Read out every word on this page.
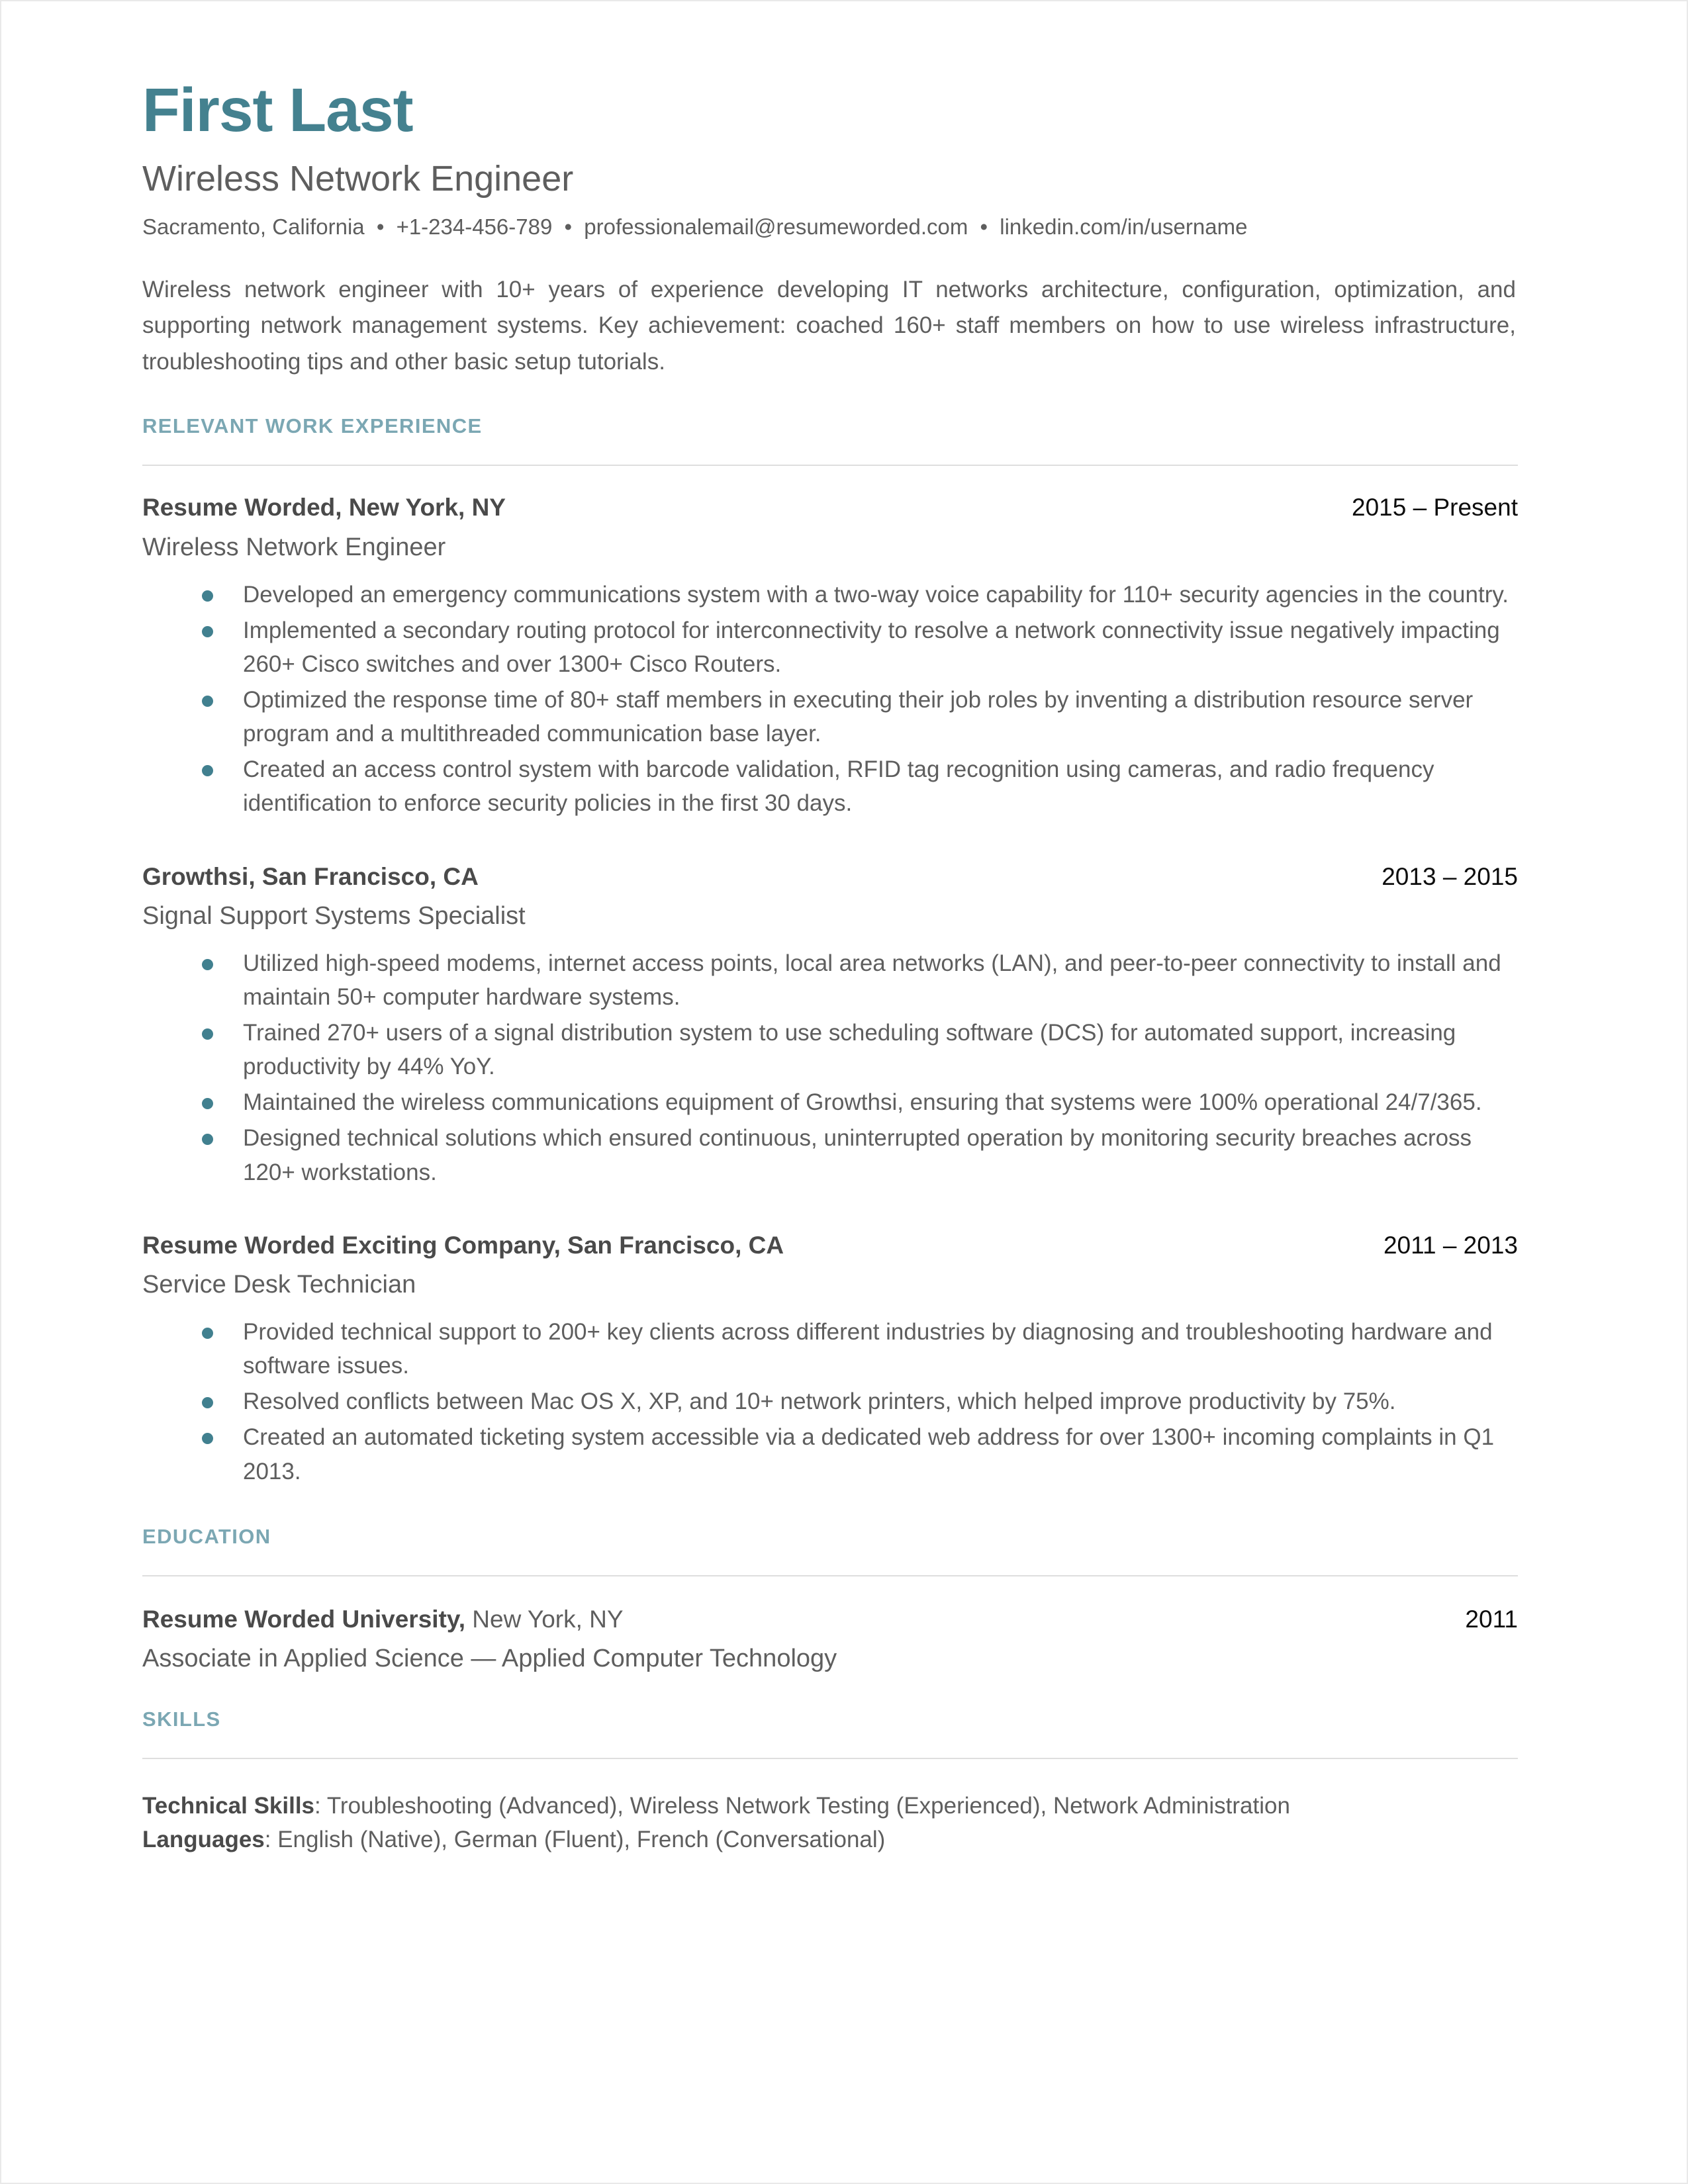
First Last
Wireless Network Engineer
Sacramento, California • +1-234-456-789 • professionalemail@resumeworded.com • linkedin.com/in/username

Wireless network engineer with 10+ years of experience developing IT networks architecture, configuration, optimization, and supporting network management systems. Key achievement: coached 160+ staff members on how to use wireless infrastructure, troubleshooting tips and other basic setup tutorials.

RELEVANT WORK EXPERIENCE
Resume Worded, New York, NY	2015 – Present
Wireless Network Engineer
Developed an emergency communications system with a two-way voice capability for 110+ security agencies in the country.
Implemented a secondary routing protocol for interconnectivity to resolve a network connectivity issue negatively impacting 260+ Cisco switches and over 1300+ Cisco Routers.
Optimized the response time of 80+ staff members in executing their job roles by inventing a distribution resource server program and a multithreaded communication base layer.
Created an access control system with barcode validation, RFID tag recognition using cameras, and radio frequency identification to enforce security policies in the first 30 days.
Growthsi, San Francisco, CA	2013 – 2015
Signal Support Systems Specialist
Utilized high-speed modems, internet access points, local area networks (LAN), and peer-to-peer connectivity to install and maintain 50+ computer hardware systems.
Trained 270+ users of a signal distribution system to use scheduling software (DCS) for automated support, increasing productivity by 44% YoY.
Maintained the wireless communications equipment of Growthsi, ensuring that systems were 100% operational 24/7/365.
Designed technical solutions which ensured continuous, uninterrupted operation by monitoring security breaches across 120+ workstations.
Resume Worded Exciting Company, San Francisco, CA	2011 – 2013
Service Desk Technician
Provided technical support to 200+ key clients across different industries by diagnosing and troubleshooting hardware and software issues.
Resolved conflicts between Mac OS X, XP, and 10+ network printers, which helped improve productivity by 75%.
Created an automated ticketing system accessible via a dedicated web address for over 1300+ incoming complaints in Q1 2013.
EDUCATION
Resume Worded University, New York, NY	2011
Associate in Applied Science — Applied Computer Technology
SKILLS
Technical Skills: Troubleshooting (Advanced), Wireless Network Testing (Experienced), Network Administration
Languages: English (Native), German (Fluent), French (Conversational)
